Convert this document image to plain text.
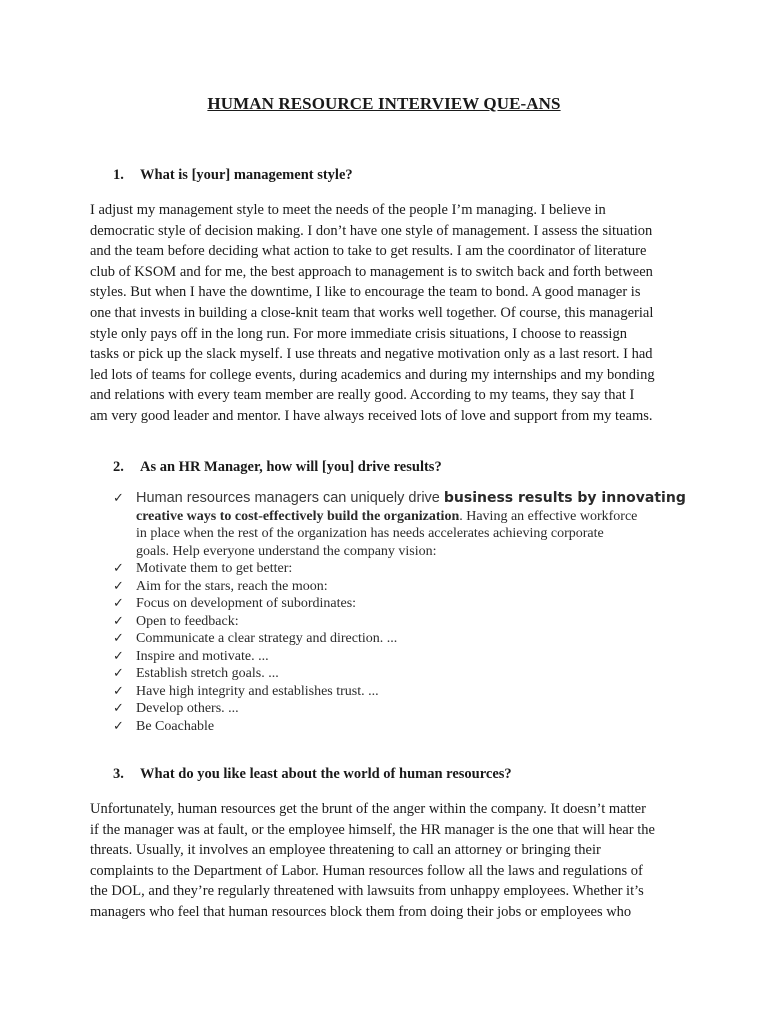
HUMAN RESOURCE INTERVIEW QUE-ANS
1. What is [your] management style?
I adjust my management style to meet the needs of the people I’m managing. I believe in
democratic style of decision making. I don’t have one style of management. I assess the situation
and the team before deciding what action to take to get results. I am the coordinator of literature
club of KSOM and for me, the best approach to management is to switch back and forth between
styles. But when I have the downtime, I like to encourage the team to bond. A good manager is
one that invests in building a close-knit team that works well together. Of course, this managerial
style only pays off in the long run. For more immediate crisis situations, I choose to reassign
tasks or pick up the slack myself. I use threats and negative motivation only as a last resort. I had
led lots of teams for college events, during academics and during my internships and my bonding
and relations with every team member are really good. According to my teams, they say that I
am very good leader and mentor. I have always received lots of love and support from my teams.
2. As an HR Manager, how will [you] drive results?
✓ Human resources managers can uniquely drive business results by innovating
creative ways to cost-effectively build the organization. Having an effective workforce
in place when the rest of the organization has needs accelerates achieving corporate
goals. Help everyone understand the company vision:
✓ Motivate them to get better:
✓ Aim for the stars, reach the moon:
✓ Focus on development of subordinates:
✓ Open to feedback:
✓ Communicate a clear strategy and direction. ...
✓ Inspire and motivate. ...
✓ Establish stretch goals. ...
✓ Have high integrity and establishes trust. ...
✓ Develop others. ...
✓ Be Coachable
3. What do you like least about the world of human resources?
Unfortunately, human resources get the brunt of the anger within the company. It doesn’t matter
if the manager was at fault, or the employee himself, the HR manager is the one that will hear the
threats. Usually, it involves an employee threatening to call an attorney or bringing their
complaints to the Department of Labor. Human resources follow all the laws and regulations of
the DOL, and they’re regularly threatened with lawsuits from unhappy employees. Whether it’s
managers who feel that human resources block them from doing their jobs or employees who
